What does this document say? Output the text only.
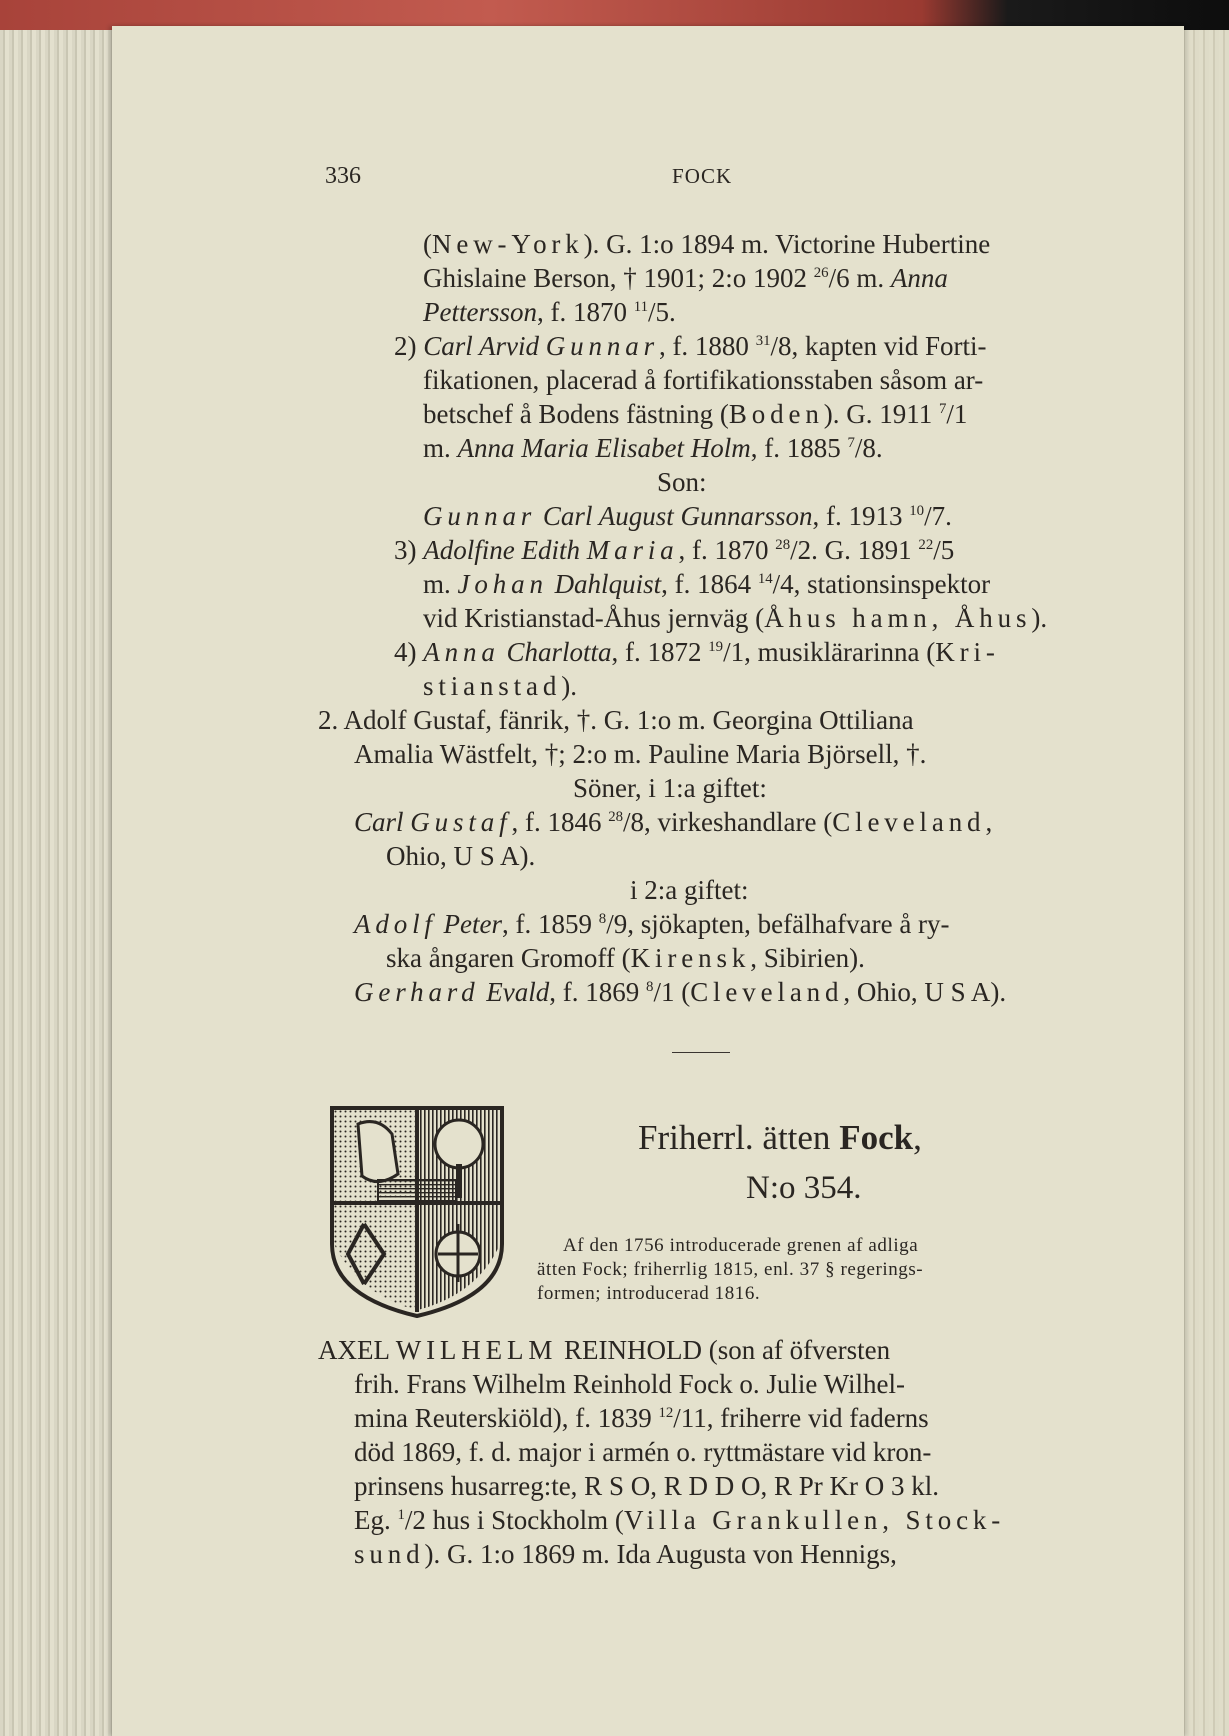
336	FOCK
(New-York). G. 1:o 1894 m. Victorine Hubertine
Ghislaine Berson, † 1901; 2:o 1902 $^{26}$/6 m. Anna
Pettersson, f. 1870 $^{11}$/5.
2) Carl Arvid Gunnar, f. 1880 $^{31}$/8, kapten vid Forti-
fikationen, placerad å fortifikationsstaben såsom ar-
betschef å Bodens fästning (Boden). G. 1911 $^7$/1
m. Anna Maria Elisabet Holm, f. 1885 $^7$/8.
Son:
Gunnar Carl August Gunnarsson, f. 1913 $^{10}$/7.
3) Adolfine Edith Maria, f. 1870 $^{28}$/2. G. 1891 $^{22}$/5
m. Johan Dahlquist, f. 1864 $^{14}$/4, stationsinspektor
vid Kristianstad-Åhus jernväg (Åhus hamn, Åhus).
4) Anna Charlotta, f. 1872 $^{19}$/1, musiklärarinna (Kri-
stianstad).
2. Adolf Gustaf, fänrik, †. G. 1:o m. Georgina Ottiliana
Amalia Wästfelt, †; 2:o m. Pauline Maria Björsell, †.
Söner, i 1:a giftet:
Carl Gustaf, f. 1846 $^{28}$/8, virkeshandlare (Cleveland,
Ohio, U S A).
i 2:a giftet:
Adolf Peter, f. 1859 $^8$/9, sjökapten, befälhafvare å ry-
ska ångaren Gromoff (Kirensk, Sibirien).
Gerhard Evald, f. 1869 $^8$/1 (Cleveland, Ohio, U S A).
Friherrl. ätten Fock,
N:o 354.
Af den 1756 introducerade grenen af adliga
ätten Fock; friherrlig 1815, enl. 37 § regerings-
formen; introducerad 1816.
AXEL WILHELM REINHOLD (son af öfversten
frih. Frans Wilhelm Reinhold Fock o. Julie Wilhel-
mina Reuterskiöld), f. 1839 $^{12}$/11, friherre vid faderns
död 1869, f. d. major i armén o. ryttmästare vid kron-
prinsens husarreg:te, R S O, R D D O, R Pr Kr O 3 kl.
Eg. $^1$/2 hus i Stockholm (Villa Grankullen, Stock-
sund). G. 1:o 1869 m. Ida Augusta von Hennigs,
